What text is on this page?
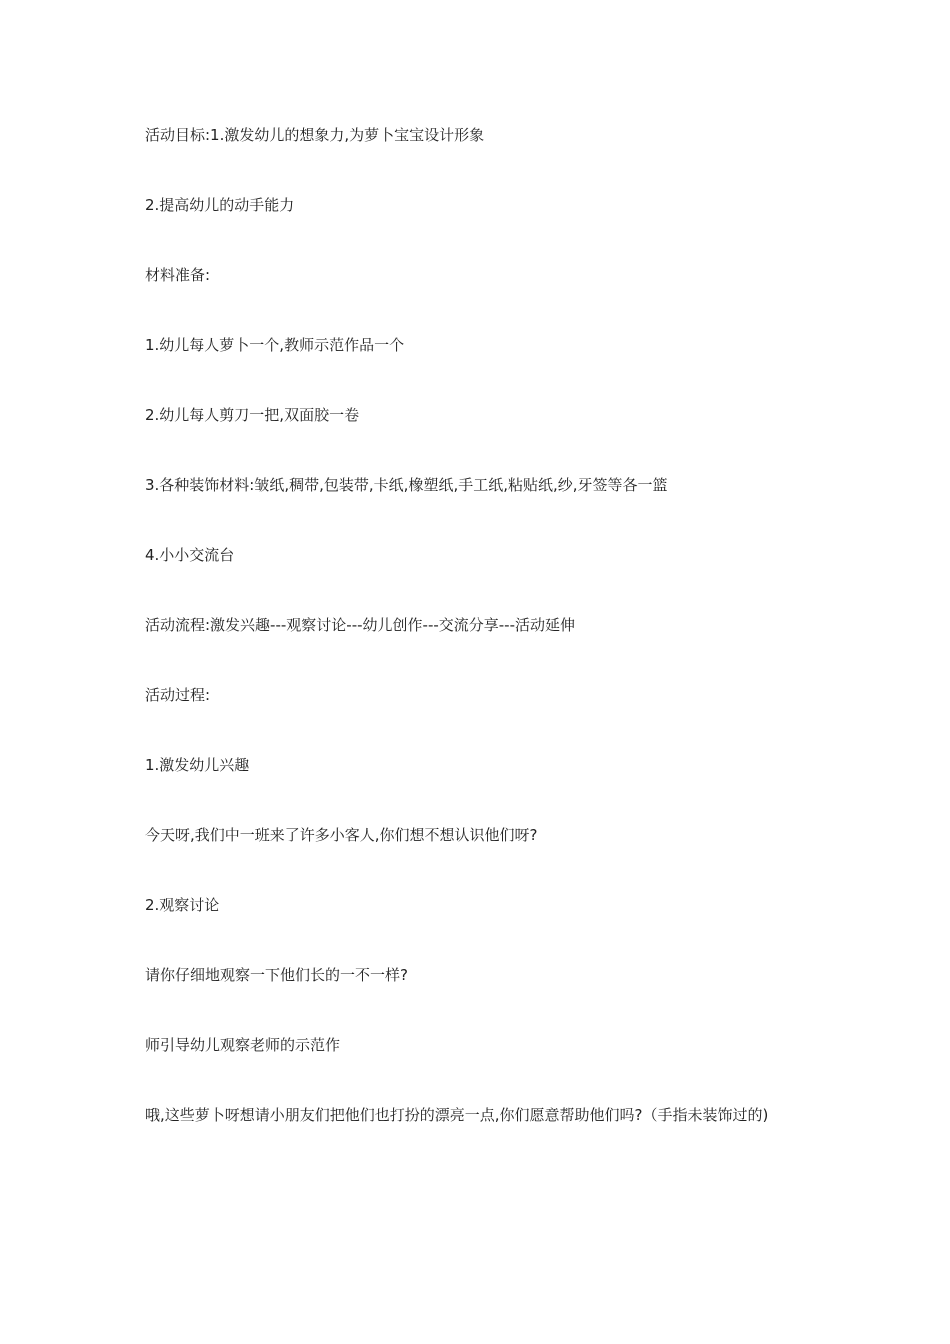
活动目标:1.激发幼儿的想象力,为萝卜宝宝设计形象

2.提高幼儿的动手能力

材料准备:

1.幼儿每人萝卜一个,教师示范作品一个

2.幼儿每人剪刀一把,双面胶一卷

3.各种装饰材料:皱纸,稠带,包装带,卡纸,橡塑纸,手工纸,粘贴纸,纱,牙签等各一篮

4.小小交流台

活动流程:激发兴趣---观察讨论---幼儿创作---交流分享---活动延伸

活动过程:

1.激发幼儿兴趣

今天呀,我们中一班来了许多小客人,你们想不想认识他们呀?

2.观察讨论

请你仔细地观察一下他们长的一不一样?

师引导幼儿观察老师的示范作

哦,这些萝卜呀想请小朋友们把他们也打扮的漂亮一点,你们愿意帮助他们吗?（手指未装饰过的)
